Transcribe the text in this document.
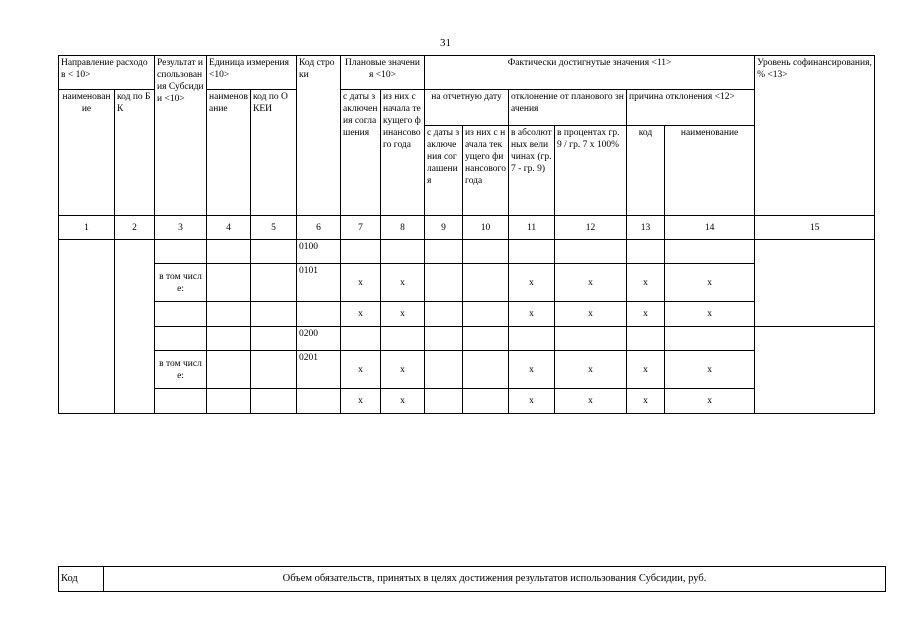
31
Направление расходов < 10>		Результат использования Субсидии <10>	Единица измерения <10>		Код строки	Плановые значения <10>		Фактически достигнутые значения <11>						Уровень софинансирования, % <13>
наименование	код по БК		наименование	код по ОКЕИ		с даты заключения соглашения	из них с начала текущего финансового года	на отчетную дату		отклонение от планового значения		причина отклонения <12>		
								с даты заключения соглашения	из них с начала текущего финансового года	в абсолютных величинах (гр. 7 - гр. 9)	в процентах гр. 9 / гр. 7 x 100%	код	наименование	
1	2	3	4	5	6	7	8	9	10	11	12	13	14	15
					0100									
		в том числе:			0101	x	x			x	x	x	x	
						x	x			x	x	x	x	
					0200									
		в том числе:			0201	x	x			x	x	x	x	
						x	x			x	x	x	x	
Код	Объем обязательств, принятых в целях достижения результатов использования Субсидии, руб.
